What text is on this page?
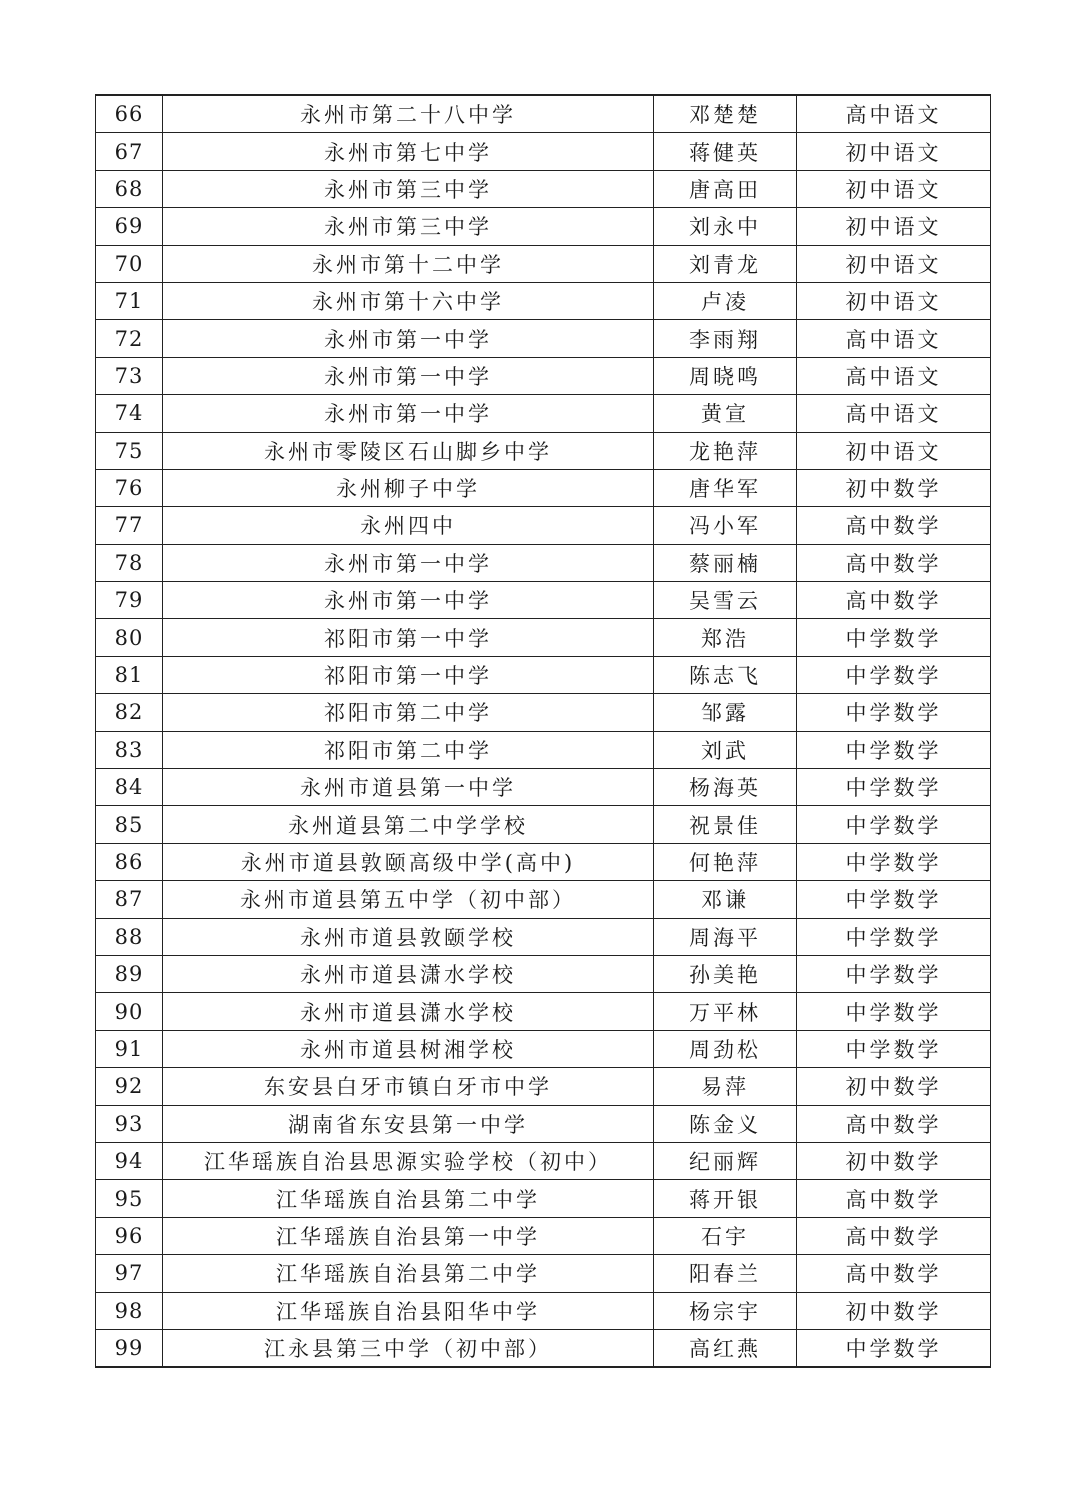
66	永州市第二十八中学	邓楚楚	高中语文
67	永州市第七中学	蒋健英	初中语文
68	永州市第三中学	唐高田	初中语文
69	永州市第三中学	刘永中	初中语文
70	永州市第十二中学	刘青龙	初中语文
71	永州市第十六中学	卢凌	初中语文
72	永州市第一中学	李雨翔	高中语文
73	永州市第一中学	周晓鸣	高中语文
74	永州市第一中学	黄宣	高中语文
75	永州市零陵区石山脚乡中学	龙艳萍	初中语文
76	永州柳子中学	唐华军	初中数学
77	永州四中	冯小军	高中数学
78	永州市第一中学	蔡丽楠	高中数学
79	永州市第一中学	吴雪云	高中数学
80	祁阳市第一中学	郑浩	中学数学
81	祁阳市第一中学	陈志飞	中学数学
82	祁阳市第二中学	邹露	中学数学
83	祁阳市第二中学	刘武	中学数学
84	永州市道县第一中学	杨海英	中学数学
85	永州道县第二中学学校	祝景佳	中学数学
86	永州市道县敦颐高级中学(高中)	何艳萍	中学数学
87	永州市道县第五中学（初中部）	邓谦	中学数学
88	永州市道县敦颐学校	周海平	中学数学
89	永州市道县潇水学校	孙美艳	中学数学
90	永州市道县潇水学校	万平林	中学数学
91	永州市道县树湘学校	周劲松	中学数学
92	东安县白牙市镇白牙市中学	易萍	初中数学
93	湖南省东安县第一中学	陈金义	高中数学
94	江华瑶族自治县思源实验学校（初中）	纪丽辉	初中数学
95	江华瑶族自治县第二中学	蒋开银	高中数学
96	江华瑶族自治县第一中学	石宇	高中数学
97	江华瑶族自治县第二中学	阳春兰	高中数学
98	江华瑶族自治县阳华中学	杨宗宇	初中数学
99	江永县第三中学（初中部）	高红燕	中学数学
